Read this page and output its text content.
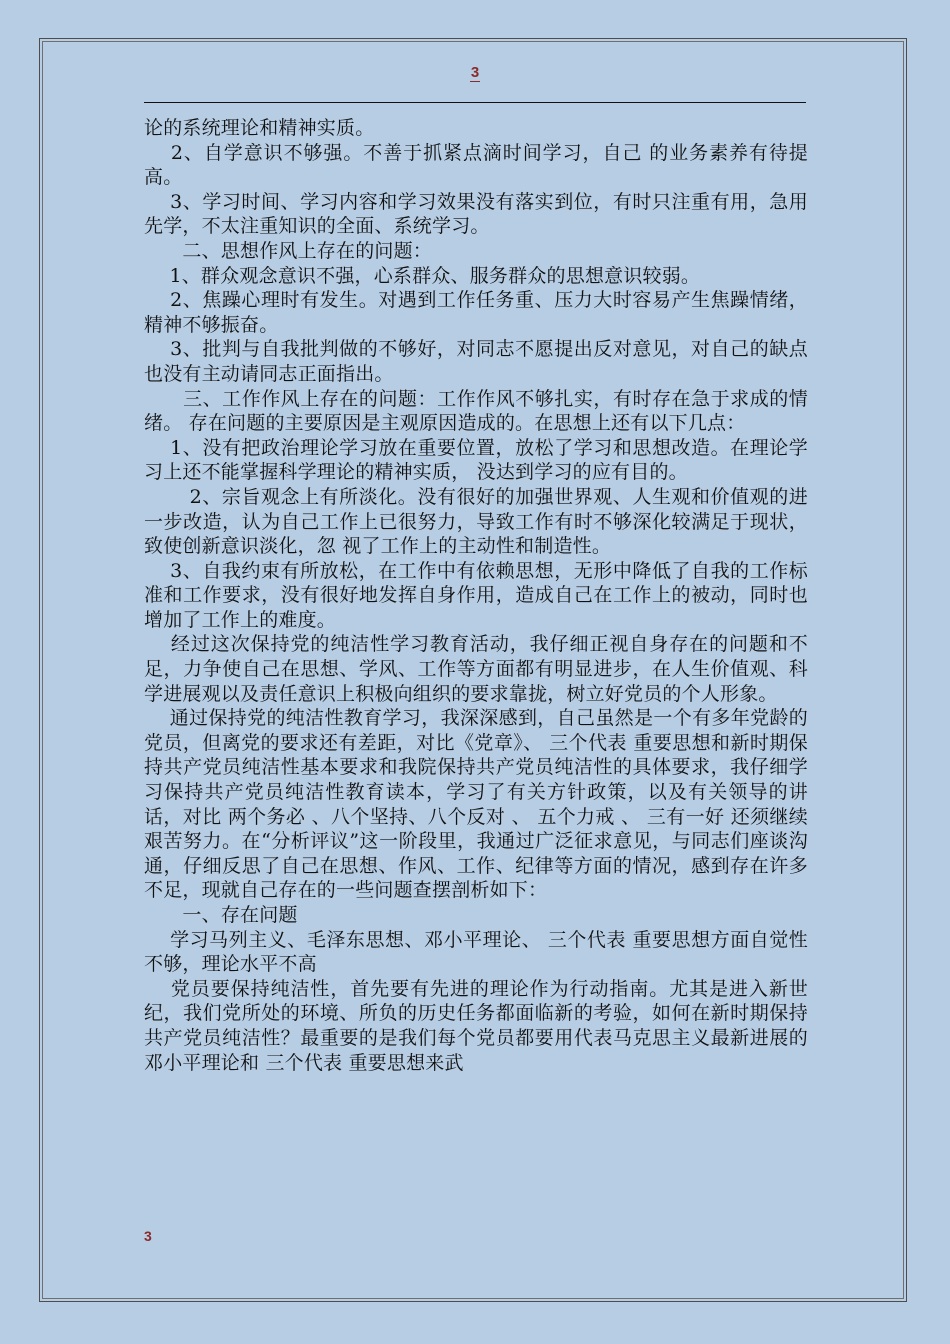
3

论的系统理论和精神实质。

　 2、自学意识不够强。不善于抓紧点滴时间学习，自己 的业务素养有待提高。

　 3、学习时间、学习内容和学习效果没有落实到位，有时只注重有用，急用先学，不太注重知识的全面、系统学习。

　　二、思想作风上存在的问题：

　 1、群众观念意识不强，心系群众、服务群众的思想意识较弱。

　 2、焦躁心理时有发生。对遇到工作任务重、压力大时容易产生焦躁情绪，精神不够振奋。

　 3、批判与自我批判做的不够好，对同志不愿提出反对意见，对自己的缺点也没有主动请同志正面指出。

　　三、工作作风上存在的问题：工作作风不够扎实，有时存在急于求成的情绪。 存在问题的主要原因是主观原因造成的。在思想上还有以下几点：

　 1、没有把政治理论学习放在重要位置，放松了学习和思想改造。在理论学习上还不能掌握科学理论的精神实质， 没达到学习的应有目的。

　　 2、宗旨观念上有所淡化。没有很好的加强世界观、人生观和价值观的进一步改造，认为自己工作上已很努力，导致工作有时不够深化较满足于现状，致使创新意识淡化，忽 视了工作上的主动性和制造性。

　 3、自我约束有所放松，在工作中有依赖思想，无形中降低了自我的工作标准和工作要求，没有很好地发挥自身作用，造成自己在工作上的被动，同时也增加了工作上的难度。

　 经过这次保持党的纯洁性学习教育活动，我仔细正视自身存在的问题和不足，力争使自己在思想、学风、工作等方面都有明显进步，在人生价值观、科学进展观以及责任意识上积极向组织的要求靠拢，树立好党员的个人形象。

　 通过保持党的纯洁性教育学习，我深深感到，自己虽然是一个有多年党龄的党员，但离党的要求还有差距，对比《党章》、 三个代表 重要思想和新时期保持共产党员纯洁性基本要求和我院保持共产党员纯洁性的具体要求，我仔细学习保持共产党员纯洁性教育读本，学习了有关方针政策，以及有关领导的讲话，对比 两个务必 、八个坚持、八个反对 、 五个力戒 、 三有一好 还须继续艰苦努力。在“分析评议”这一阶段里，我通过广泛征求意见，与同志们座谈沟通，仔细反思了自己在思想、作风、工作、纪律等方面的情况，感到存在许多不足，现就自己存在的一些问题查摆剖析如下：

　　一、存在问题

　 学习马列主义、毛泽东思想、邓小平理论、 三个代表 重要思想方面自觉性不够，理论水平不高

　 党员要保持纯洁性，首先要有先进的理论作为行动指南。尤其是进入新世纪，我们党所处的环境、所负的历史任务都面临新的考验，如何在新时期保持共产党员纯洁性？最重要的是我们每个党员都要用代表马克思主义最新进展的邓小平理论和 三个代表 重要思想来武

3
